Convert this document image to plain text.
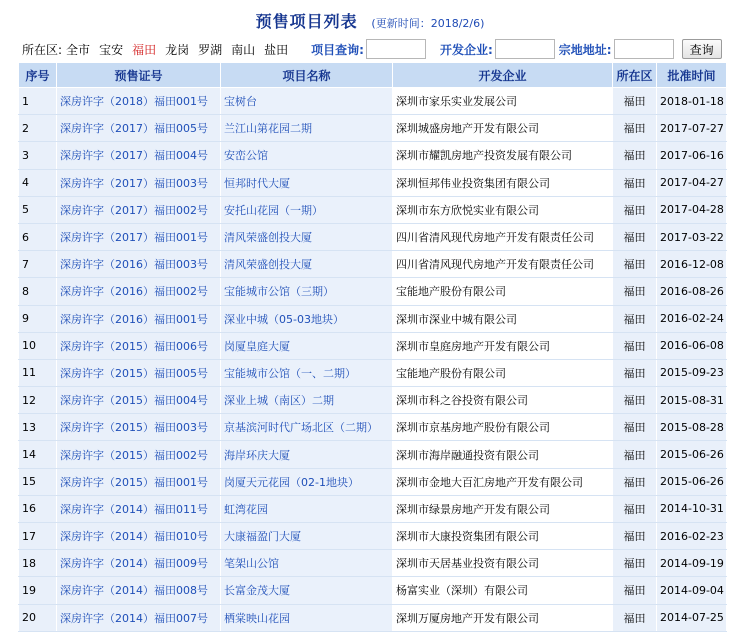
预售项目列表 (更新时间：2018/2/6)
所在区: 全市 宝安 福田 龙岗 罗湖 南山 盐田	项目查询:	开发企业:	宗地地址:	查询
序号	预售证号	项目名称	开发企业	所在区	批准时间
1	深房许字（2018）福田001号	宝树台	深圳市家乐实业发展公司	福田	2018-01-18
2	深房许字（2017）福田005号	兰江山第花园二期	深圳城盛房地产开发有限公司	福田	2017-07-27
3	深房许字（2017）福田004号	安峦公馆	深圳市耀凯房地产投资发展有限公司	福田	2017-06-16
4	深房许字（2017）福田003号	恒邦时代大厦	深圳恒邦伟业投资集团有限公司	福田	2017-04-27
5	深房许字（2017）福田002号	安托山花园（一期）	深圳市东方欣悦实业有限公司	福田	2017-04-28
6	深房许字（2017）福田001号	清风荣盛创投大厦	四川省清风现代房地产开发有限责任公司	福田	2017-03-22
7	深房许字（2016）福田003号	清风荣盛创投大厦	四川省清风现代房地产开发有限责任公司	福田	2016-12-08
8	深房许字（2016）福田002号	宝能城市公馆（三期）	宝能地产股份有限公司	福田	2016-08-26
9	深房许字（2016）福田001号	深业中城（05-03地块）	深圳市深业中城有限公司	福田	2016-02-24
10	深房许字（2015）福田006号	岗厦皇庭大厦	深圳市皇庭房地产开发有限公司	福田	2016-06-08
11	深房许字（2015）福田005号	宝能城市公馆（一、二期）	宝能地产股份有限公司	福田	2015-09-23
12	深房许字（2015）福田004号	深业上城（南区）二期	深圳市科之谷投资有限公司	福田	2015-08-31
13	深房许字（2015）福田003号	京基滨河时代广场北区（二期）	深圳市京基房地产股份有限公司	福田	2015-08-28
14	深房许字（2015）福田002号	海岸环庆大厦	深圳市海岸融通投资有限公司	福田	2015-06-26
15	深房许字（2015）福田001号	岗厦天元花园（02-1地块）	深圳市金地大百汇房地产开发有限公司	福田	2015-06-26
16	深房许字（2014）福田011号	虹湾花园	深圳市绿景房地产开发有限公司	福田	2014-10-31
17	深房许字（2014）福田010号	大康福盈门大厦	深圳市大康投资集团有限公司	福田	2016-02-23
18	深房许字（2014）福田009号	笔架山公馆	深圳市天居基业投资有限公司	福田	2014-09-19
19	深房许字（2014）福田008号	长富金茂大厦	杨富实业（深圳）有限公司	福田	2014-09-04
20	深房许字（2014）福田007号	栖棠映山花园	深圳万厦房地产开发有限公司	福田	2014-07-25
